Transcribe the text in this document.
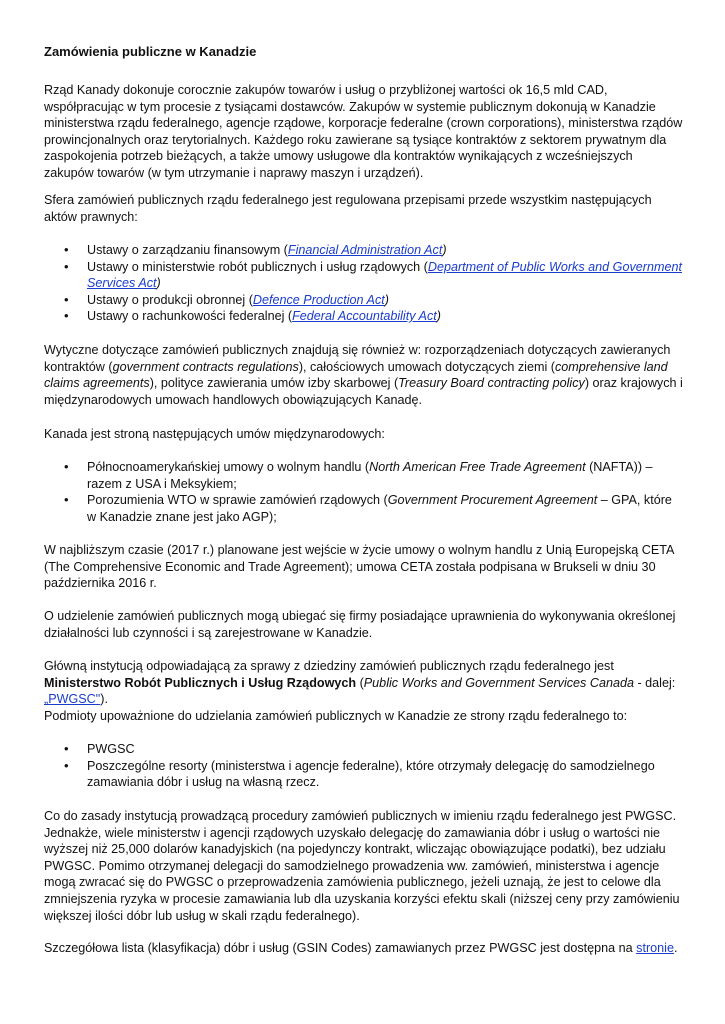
Zamówienia publiczne w Kanadzie

Rząd Kanady dokonuje corocznie zakupów towarów i usług o przybliżonej wartości ok 16,5 mld CAD, współpracując w tym procesie z tysiącami dostawców. Zakupów w systemie publicznym dokonują w Kanadzie ministerstwa rządu federalnego, agencje rządowe, korporacje federalne (crown corporations), ministerstwa rządów prowincjonalnych oraz terytorialnych. Każdego roku zawierane są tysiące kontraktów z sektorem prywatnym dla zaspokojenia potrzeb bieżących, a także umowy usługowe dla kontraktów wynikających z wcześniejszych zakupów towarów (w tym utrzymanie i naprawy maszyn i urządzeń).

Sfera zamówień publicznych rządu federalnego jest regulowana przepisami przede wszystkim następujących aktów prawnych:

• Ustawy o zarządzaniu finansowym (Financial Administration Act)
• Ustawy o ministerstwie robót publicznych i usług rządowych (Department of Public Works and Government Services Act)
• Ustawy o produkcji obronnej (Defence Production Act)
• Ustawy o rachunkowości federalnej (Federal Accountability Act)

Wytyczne dotyczące zamówień publicznych znajdują się również w: rozporządzeniach dotyczących zawieranych kontraktów (government contracts regulations), całościowych umowach dotyczących ziemi (comprehensive land claims agreements), polityce zawierania umów izby skarbowej (Treasury Board contracting policy) oraz krajowych i międzynarodowych umowach handlowych obowiązujących Kanadę.

Kanada jest stroną następujących umów międzynarodowych:

• Północnoamerykańskiej umowy o wolnym handlu (North American Free Trade Agreement (NAFTA)) – razem z USA i Meksykiem;
• Porozumienia WTO w sprawie zamówień rządowych (Government Procurement Agreement – GPA, które w Kanadzie znane jest jako AGP);

W najbliższym czasie (2017 r.) planowane jest wejście w życie umowy o wolnym handlu z Unią Europejską CETA (The Comprehensive Economic and Trade Agreement); umowa CETA została podpisana w Brukseli w dniu 30 października 2016 r.

O udzielenie zamówień publicznych mogą ubiegać się firmy posiadające uprawnienia do wykonywania określonej działalności lub czynności i są zarejestrowane w Kanadzie.

Główną instytucją odpowiadającą za sprawy z dziedziny zamówień publicznych rządu federalnego jest Ministerstwo Robót Publicznych i Usług Rządowych (Public Works and Government Services Canada - dalej: „PWGSC").

Podmioty upoważnione do udzielania zamówień publicznych w Kanadzie ze strony rządu federalnego to:

• PWGSC
• Poszczególne resorty (ministerstwa i agencje federalne), które otrzymały delegację do samodzielnego zamawiania dóbr i usług na własną rzecz.

Co do zasady instytucją prowadzącą procedury zamówień publicznych w imieniu rządu federalnego jest PWGSC. Jednakże, wiele ministerstw i agencji rządowych uzyskało delegację do zamawiania dóbr i usług o wartości nie wyższej niż 25,000 dolarów kanadyjskich (na pojedynczy kontrakt, wliczając obowiązujące podatki), bez udziału PWGSC. Pomimo otrzymanej delegacji do samodzielnego prowadzenia ww. zamówień, ministerstwa i agencje mogą zwracać się do PWGSC o przeprowadzenia zamówienia publicznego, jeżeli uznają, że jest to celowe dla zmniejszenia ryzyka w procesie zamawiania lub dla uzyskania korzyści efektu skali (niższej ceny przy zamówieniu większej ilości dóbr lub usług w skali rządu federalnego).

Szczegółowa lista (klasyfikacja) dóbr i usług (GSIN Codes) zamawianych przez PWGSC jest dostępna na stronie.
